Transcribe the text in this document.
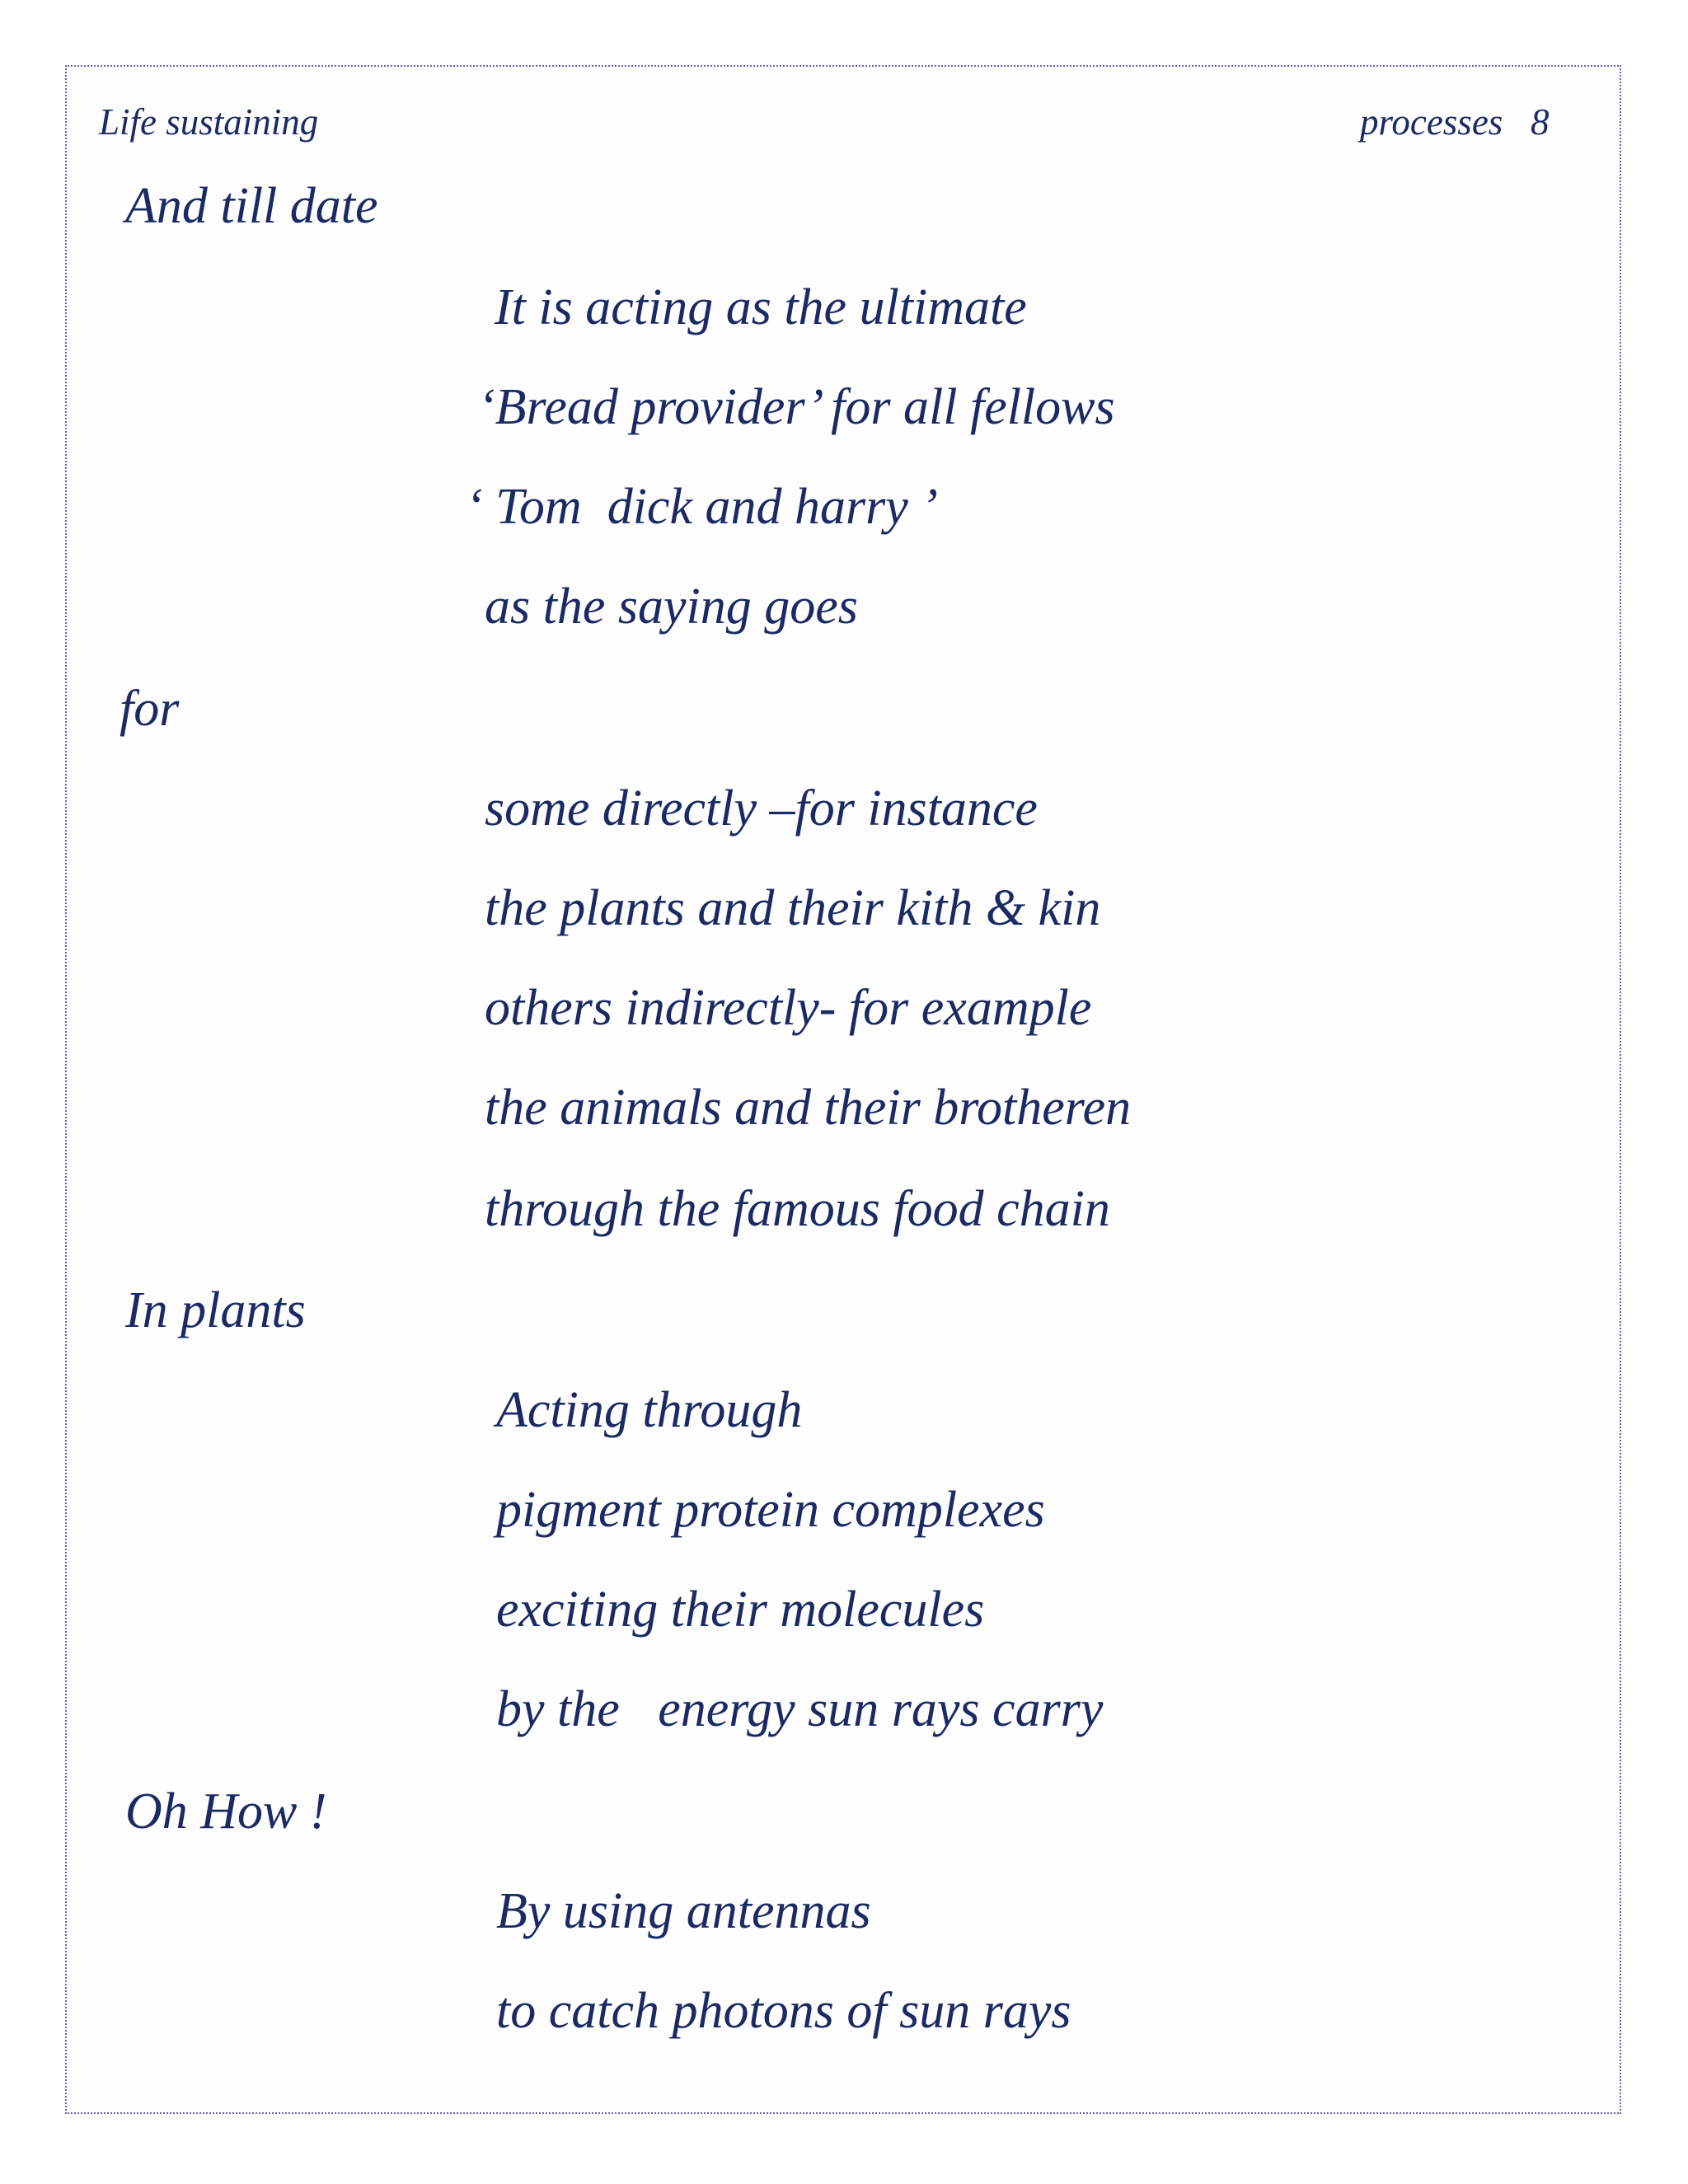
Life sustaining	processes   8
And till date
It is acting as the ultimate
‘Bread provider’ for all fellows
‘ Tom  dick and harry ’
as the saying goes
for
some directly –for instance
the plants and their kith & kin
others indirectly- for example
the animals and their brotheren
through the famous food chain
In plants
Acting through
pigment protein complexes
exciting their molecules
by the   energy sun rays carry
Oh How !
By using antennas
to catch photons of sun rays
